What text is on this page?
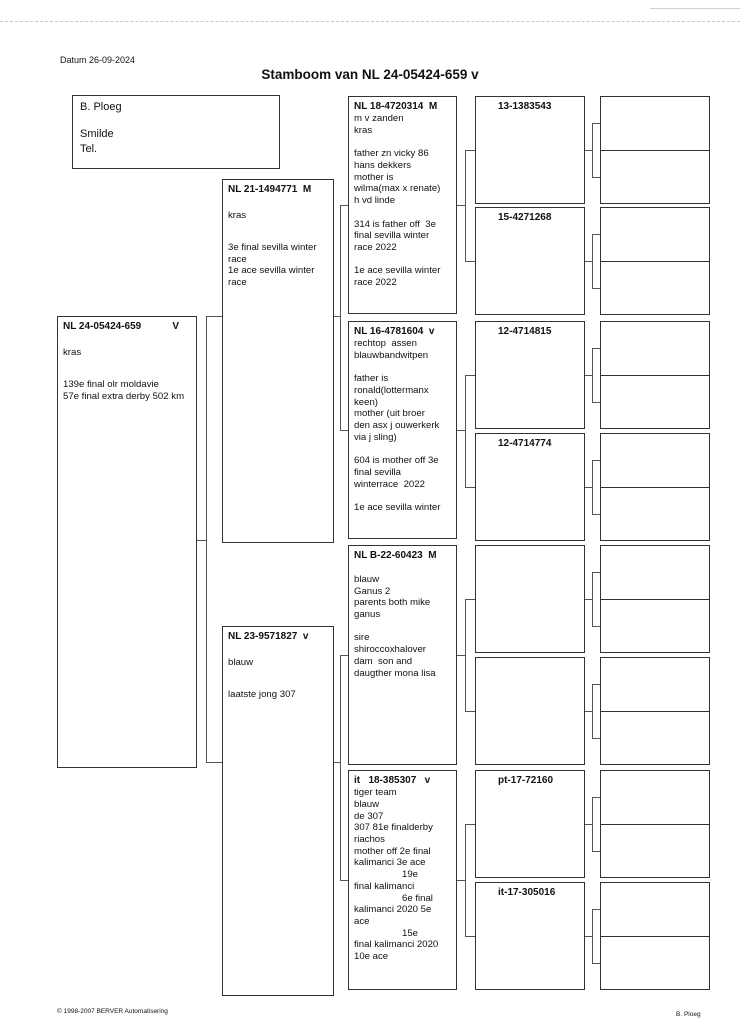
Datum 26-09-2024
Stamboom van NL 24-05424-659 v
B. Ploeg
Smilde
Tel.
NL 24-05424-659	V
kras
139e final olr moldavie
57e final extra derby 502 km
NL 21-1494771  M
kras
3e final sevilla winter race
1e ace sevilla winter race
NL 23-9571827  v
blauw
laatste jong 307
NL 18-4720314  M
m v zanden
kras

father zn vicky 86
hans dekkers
mother is
wilma(max x renate)
h vd linde

314 is father off  3e
final sevilla winter
race 2022

1e ace sevilla winter
race 2022
NL 16-4781604  v
rechtop  assen
blauwbandwitpen

father is
ronald(lottermanx
keen)
mother (uit broer
den asx j ouwerkerk
via j sling)

604 is mother off 3e
final sevilla
winterrace  2022

1e ace sevilla winter
NL B-22-60423  M

blauw
Ganus 2
parents both mike
ganus

sire
shiroccoxhalover
dam  son and
daugther mona lisa
it   18-385307   v
tiger team
blauw
de 307
307 81e finalderby
riachos
mother off 2e final
kalimanci 3e ace
19e
final kalimanci
6e final
kalimanci 2020 5e
ace
15e
final kalimanci 2020
10e ace
13-1383543
15-4271268
12-4714815
12-4714774
pt-17-72160
it-17-305016
© 1998-2007 BERVER Automatisering	B. Ploeg
